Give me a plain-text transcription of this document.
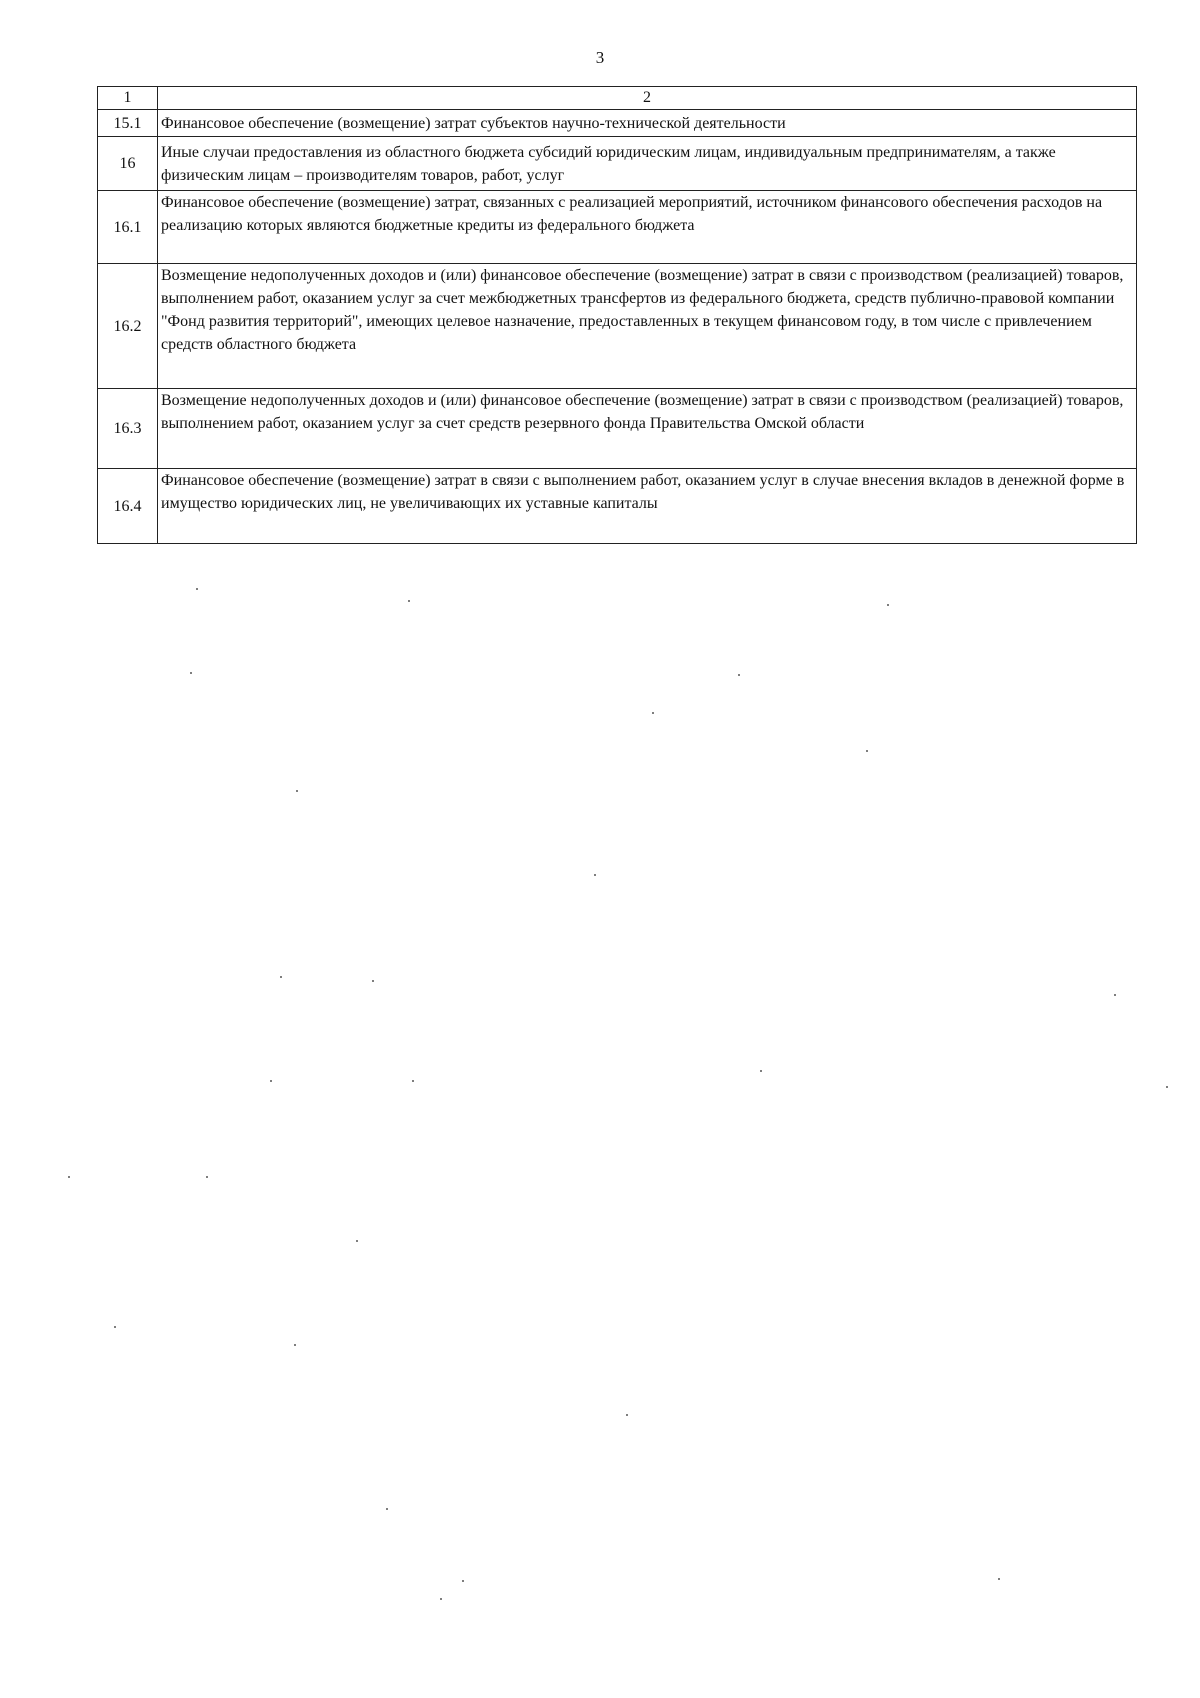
3
1	2
15.1	Финансовое обеспечение (возмещение) затрат субъектов научно-технической деятельности
16	Иные случаи предоставления из областного бюджета субсидий юридическим лицам, индивидуальным предпринимателям, а также физическим лицам – производителям товаров, работ, услуг
16.1	Финансовое обеспечение (возмещение) затрат, связанных с реализацией мероприятий, источником финансового обеспечения расходов на реализацию которых являются бюджетные кредиты из федерального бюджета
16.2	Возмещение недополученных доходов и (или) финансовое обеспечение (возмещение) затрат в связи с производством (реализацией) товаров, выполнением работ, оказанием услуг за счет межбюджетных трансфертов из федерального бюджета, средств публично-правовой компании "Фонд развития территорий", имеющих целевое назначение, предоставленных в текущем финансовом году, в том числе с привлечением средств областного бюджета
16.3	Возмещение недополученных доходов и (или) финансовое обеспечение (возмещение) затрат в связи с производством (реализацией) товаров, выполнением работ, оказанием услуг за счет средств резервного фонда Правительства Омской области
16.4	Финансовое обеспечение (возмещение) затрат в связи с выполнением работ, оказанием услуг в случае внесения вкладов в денежной форме в имущество юридических лиц, не увеличивающих их уставные капиталы
